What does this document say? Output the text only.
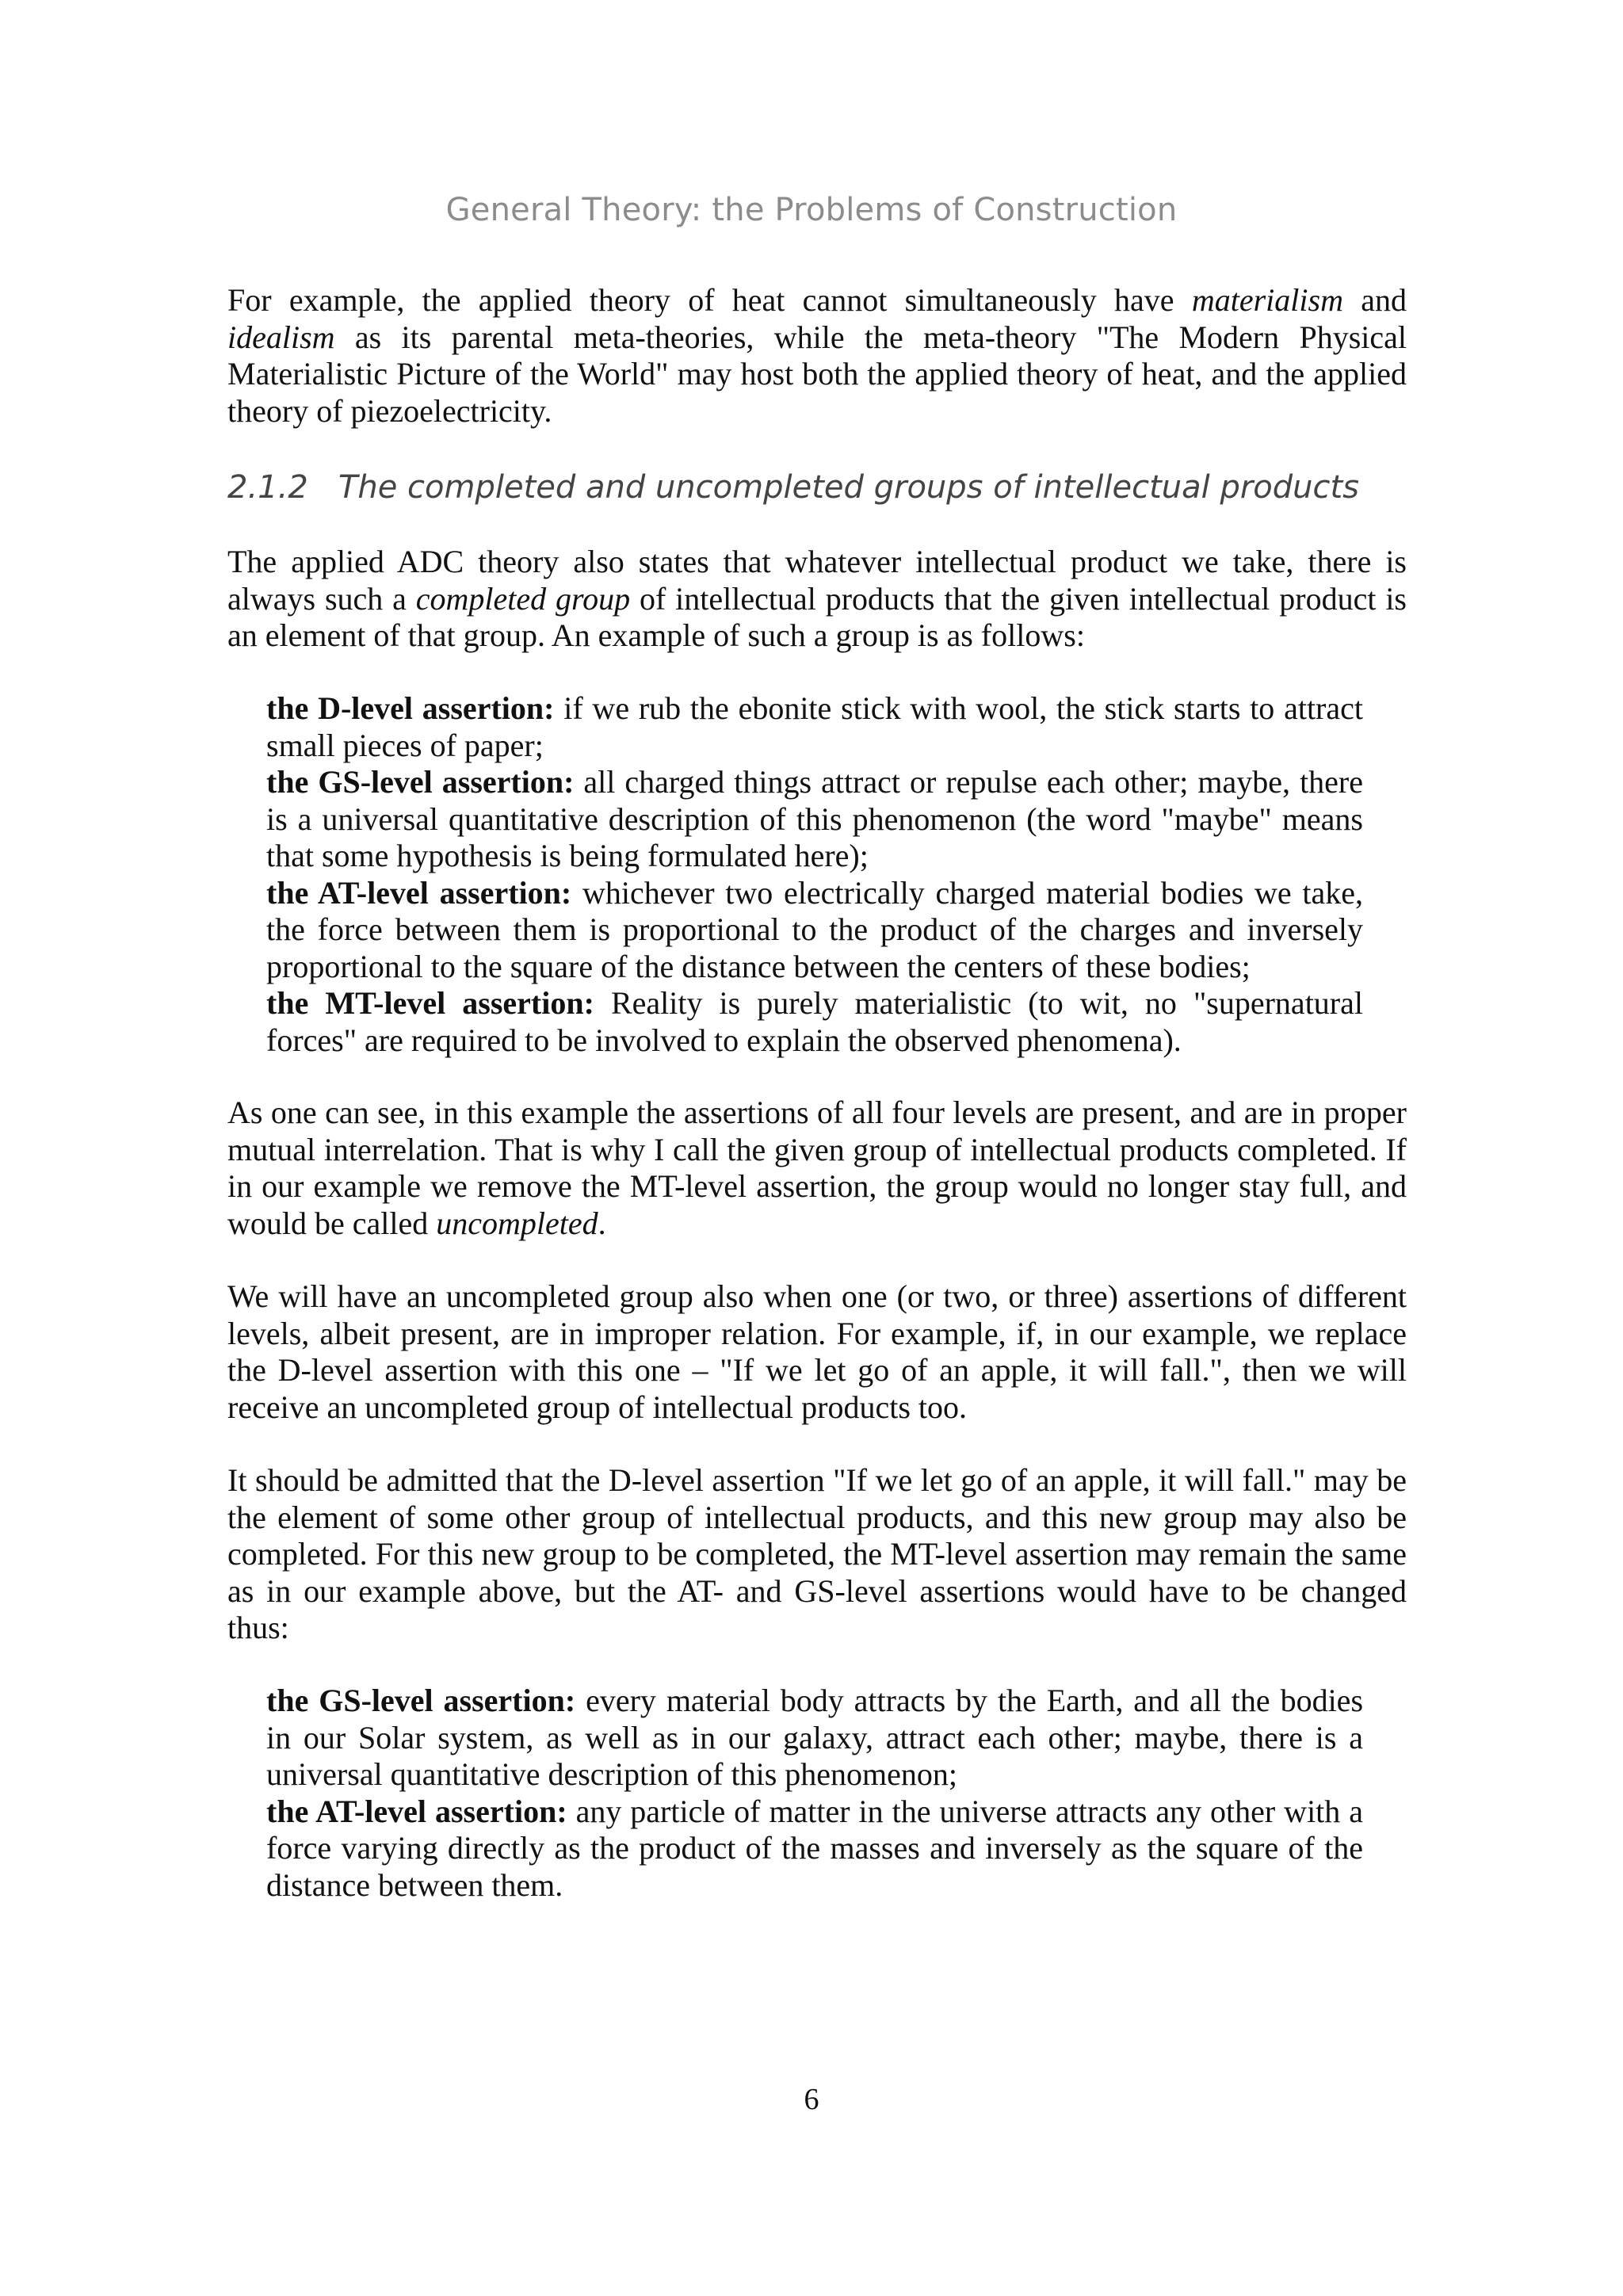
General Theory: the Problems of Construction

For example, the applied theory of heat cannot simultaneously have materialism and idealism as its parental meta-theories, while the meta-theory "The Modern Physical Materialistic Picture of the World" may host both the applied theory of heat, and the applied theory of piezoelectricity.

2.1.2 The completed and uncompleted groups of intellectual products

The applied ADC theory also states that whatever intellectual product we take, there is always such a completed group of intellectual products that the given intellectual product is an element of that group. An example of such a group is as follows:

the D-level assertion: if we rub the ebonite stick with wool, the stick starts to attract small pieces of paper;

the GS-level assertion: all charged things attract or repulse each other; maybe, there is a universal quantitative description of this phenomenon (the word "maybe" means that some hypothesis is being formulated here);

the AT-level assertion: whichever two electrically charged material bodies we take, the force between them is proportional to the product of the charges and inversely proportional to the square of the distance between the centers of these bodies;

the MT-level assertion: Reality is purely materialistic (to wit, no "supernatural forces" are required to be involved to explain the observed phenomena).

As one can see, in this example the assertions of all four levels are present, and are in proper mutual interrelation. That is why I call the given group of intellectual products completed. If in our example we remove the MT-level assertion, the group would no longer stay full, and would be called uncompleted.

We will have an uncompleted group also when one (or two, or three) assertions of different levels, albeit present, are in improper relation. For example, if, in our example, we replace the D-level assertion with this one – "If we let go of an apple, it will fall.", then we will receive an uncompleted group of intellectual products too.

It should be admitted that the D-level assertion "If we let go of an apple, it will fall." may be the element of some other group of intellectual products, and this new group may also be completed. For this new group to be completed, the MT-level assertion may remain the same as in our example above, but the AT- and GS-level assertions would have to be changed thus:

the GS-level assertion: every material body attracts by the Earth, and all the bodies in our Solar system, as well as in our galaxy, attract each other; maybe, there is a universal quantitative description of this phenomenon;

the AT-level assertion: any particle of matter in the universe attracts any other with a force varying directly as the product of the masses and inversely as the square of the distance between them.

6
